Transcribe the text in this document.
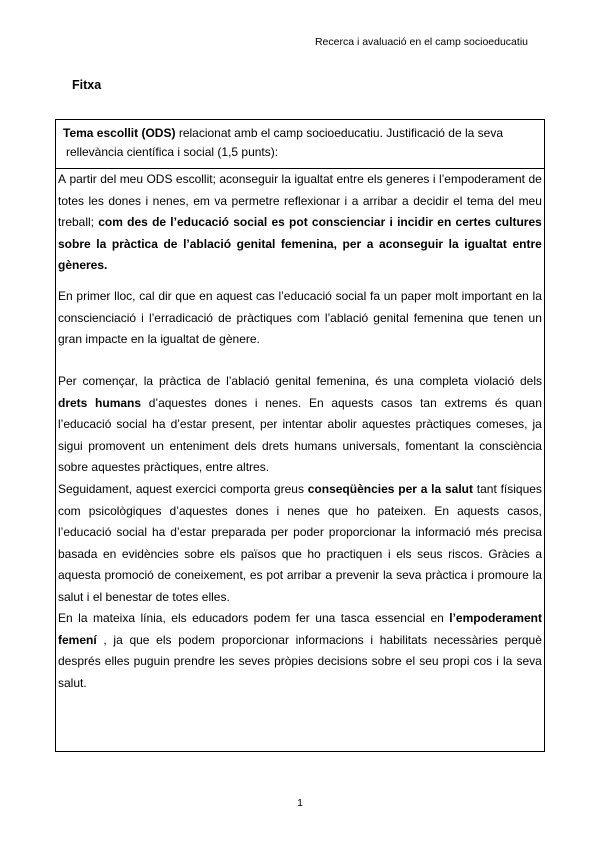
Recerca i avaluació en el camp socioeducatiu
Fitxa
Tema escollit (ODS) relacionat amb el camp socioeducatiu. Justificació de la seva
rellevància científica i social (1,5 punts):
A partir del meu ODS escollit; aconseguir la igualtat entre els generes i l’empoderament de
totes les dones i nenes, em va permetre reflexionar i a arribar a decidir el tema del meu
treball; com des de l’educació social es pot conscienciar i incidir en certes cultures
sobre la pràctica de l’ablació genital femenina, per a aconseguir la igualtat entre
gèneres.
En primer lloc, cal dir que en aquest cas l’educació social fa un paper molt important en la
conscienciació i l’erradicació de pràctiques com l’ablació genital femenina que tenen un
gran impacte en la igualtat de gènere.
Per començar, la pràctica de l’ablació genital femenina, és una completa violació dels
drets humans d’aquestes dones i nenes. En aquests casos tan extrems és quan
l’educació social ha d’estar present, per intentar abolir aquestes pràctiques comeses, ja
sigui promovent un enteniment dels drets humans universals, fomentant la consciència
sobre aquestes pràctiques, entre altres.
Seguidament, aquest exercici comporta greus conseqüències per a la salut tant físiques
com psicològiques d’aquestes dones i nenes que ho pateixen. En aquests casos,
l’educació social ha d’estar preparada per poder proporcionar la informació més precisa
basada en evidències sobre els països que ho practiquen i els seus riscos. Gràcies a
aquesta promoció de coneixement, es pot arribar a prevenir la seva pràctica i promoure la
salut i el benestar de totes elles.
En la mateixa línia, els educadors podem fer una tasca essencial en l’empoderament
femení , ja que els podem proporcionar informacions i habilitats necessàries perquè
després elles puguin prendre les seves pròpies decisions sobre el seu propi cos i la seva
salut.
1
